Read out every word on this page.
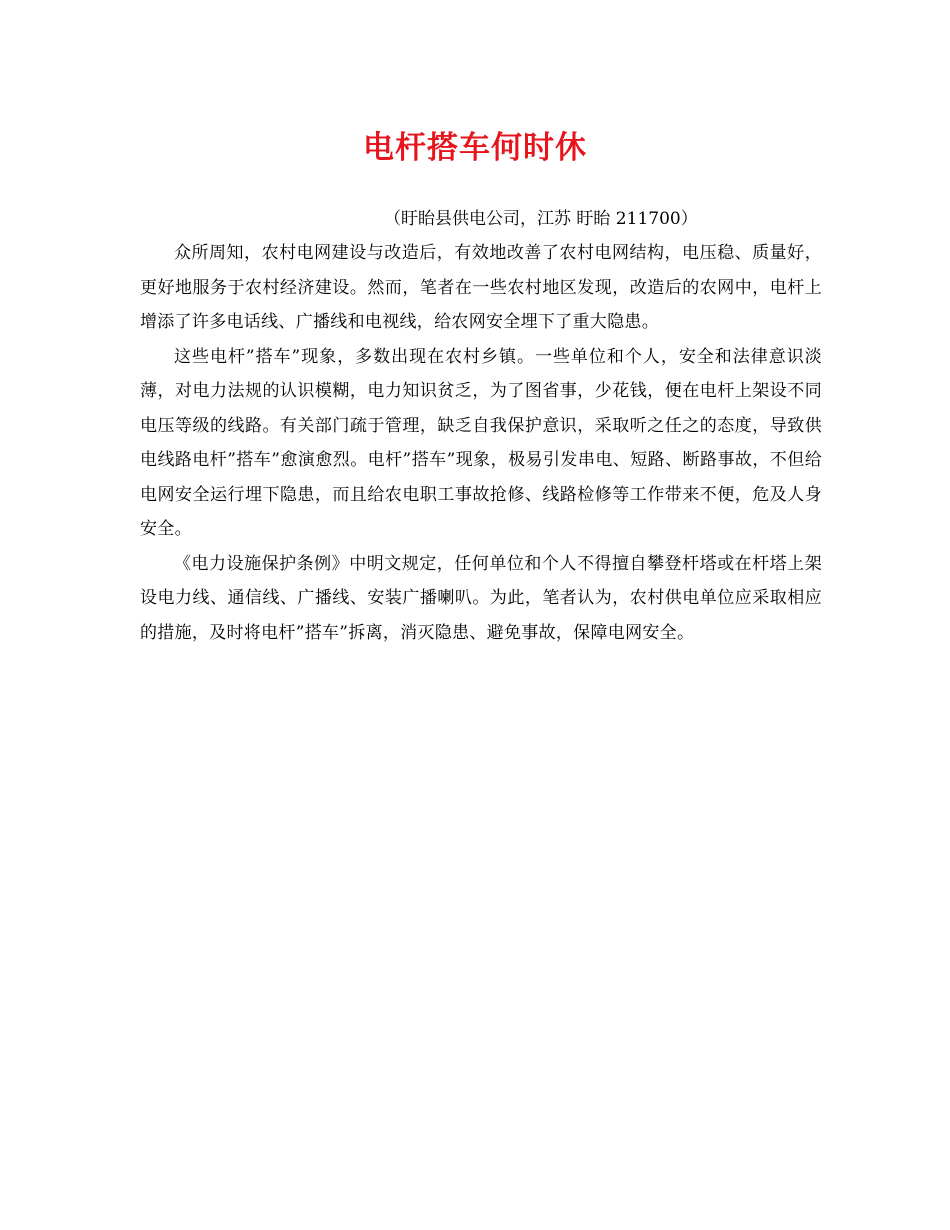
电杆搭车何时休
（盱眙县供电公司，江苏 盱眙 211700）

众所周知，农村电网建设与改造后，有效地改善了农村电网结构，电压稳、质量好，更好地服务于农村经济建设。然而，笔者在一些农村地区发现，改造后的农网中，电杆上增添了许多电话线、广播线和电视线，给农网安全埋下了重大隐患。

这些电杆”搭车”现象，多数出现在农村乡镇。一些单位和个人，安全和法律意识淡薄，对电力法规的认识模糊，电力知识贫乏，为了图省事，少花钱，便在电杆上架设不同电压等级的线路。有关部门疏于管理，缺乏自我保护意识，采取听之任之的态度，导致供电线路电杆”搭车”愈演愈烈。电杆”搭车”现象，极易引发串电、短路、断路事故，不但给电网安全运行埋下隐患，而且给农电职工事故抢修、线路检修等工作带来不便，危及人身安全。

《电力设施保护条例》中明文规定，任何单位和个人不得擅自攀登杆塔或在杆塔上架设电力线、通信线、广播线、安装广播喇叭。为此，笔者认为，农村供电单位应采取相应的措施，及时将电杆”搭车”拆离，消灭隐患、避免事故，保障电网安全。
